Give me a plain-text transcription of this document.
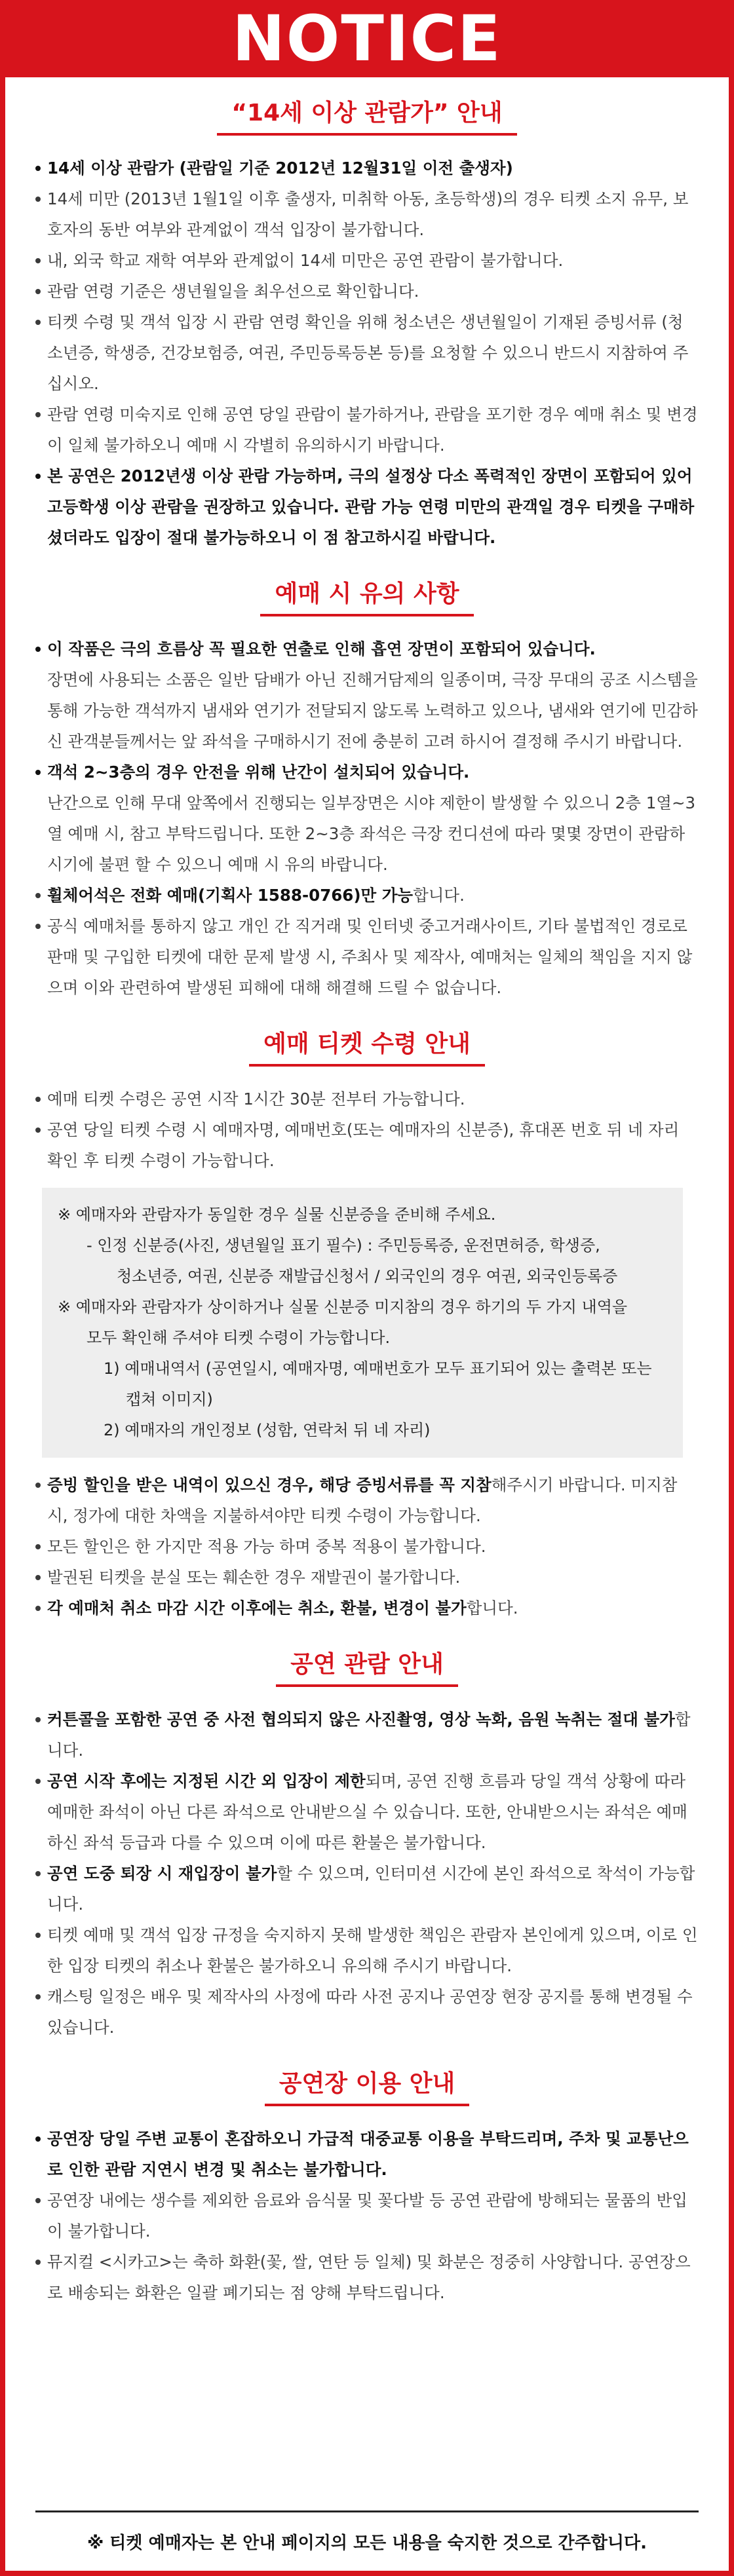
NOTICE
“14세 이상 관람가” 안내
14세 이상 관람가 (관람일 기준 2012년 12월31일 이전 출생자)
14세 미만 (2013년 1월1일 이후 출생자, 미취학 아동, 초등학생)의 경우 티켓 소지 유무, 보호자의 동반 여부와 관계없이 객석 입장이 불가합니다.
내, 외국 학교 재학 여부와 관계없이 14세 미만은 공연 관람이 불가합니다.
관람 연령 기준은 생년월일을 최우선으로 확인합니다.
티켓 수령 및 객석 입장 시 관람 연령 확인을 위해 청소년은 생년월일이 기재된 증빙서류 (청소년증, 학생증, 건강보험증, 여권, 주민등록등본 등)를 요청할 수 있으니 반드시 지참하여 주십시오.
관람 연령 미숙지로 인해 공연 당일 관람이 불가하거나, 관람을 포기한 경우 예매 취소 및 변경이 일체 불가하오니 예매 시 각별히 유의하시기 바랍니다.
본 공연은 2012년생 이상 관람 가능하며, 극의 설정상 다소 폭력적인 장면이 포함되어 있어 고등학생 이상 관람을 권장하고 있습니다. 관람 가능 연령 미만의 관객일 경우 티켓을 구매하셨더라도 입장이 절대 불가능하오니 이 점 참고하시길 바랍니다.
예매 시 유의 사항
이 작품은 극의 흐름상 꼭 필요한 연출로 인해 흡연 장면이 포함되어 있습니다.
장면에 사용되는 소품은 일반 담배가 아닌 진해거담제의 일종이며, 극장 무대의 공조 시스템을 통해 가능한 객석까지 냄새와 연기가 전달되지 않도록 노력하고 있으나, 냄새와 연기에 민감하신 관객분들께서는 앞 좌석을 구매하시기 전에 충분히 고려 하시어 결정해 주시기 바랍니다.
객석 2~3층의 경우 안전을 위해 난간이 설치되어 있습니다.
난간으로 인해 무대 앞쪽에서 진행되는 일부장면은 시야 제한이 발생할 수 있으니 2층 1열~3열 예매 시, 참고 부탁드립니다. 또한 2~3층 좌석은 극장 컨디션에 따라 몇몇 장면이 관람하시기에 불편 할 수 있으니 예매 시 유의 바랍니다.
휠체어석은 전화 예매(기획사 1588-0766)만 가능합니다.
공식 예매처를 통하지 않고 개인 간 직거래 및 인터넷 중고거래사이트, 기타 불법적인 경로로 판매 및 구입한 티켓에 대한 문제 발생 시, 주최사 및 제작사, 예매처는 일체의 책임을 지지 않으며 이와 관련하여 발생된 피해에 대해 해결해 드릴 수 없습니다.
예매 티켓 수령 안내
예매 티켓 수령은 공연 시작 1시간 30분 전부터 가능합니다.
공연 당일 티켓 수령 시 예매자명, 예매번호(또는 예매자의 신분증), 휴대폰 번호 뒤 네 자리 확인 후 티켓 수령이 가능합니다.

※ 예매자와 관람자가 동일한 경우 실물 신분증을 준비해 주세요.

- 인정 신분증(사진, 생년월일 표기 필수) : 주민등록증, 운전면허증, 학생증,

청소년증, 여권, 신분증 재발급신청서 / 외국인의 경우 여권, 외국인등록증

※ 예매자와 관람자가 상이하거나 실물 신분증 미지참의 경우 하기의 두 가지 내역을

모두 확인해 주셔야 티켓 수령이 가능합니다.

1) 예매내역서 (공연일시, 예매자명, 예매번호가 모두 표기되어 있는 출력본 또는

캡쳐 이미지)

2) 예매자의 개인정보 (성함, 연락처 뒤 네 자리)

증빙 할인을 받은 내역이 있으신 경우, 해당 증빙서류를 꼭 지참해주시기 바랍니다. 미지참 시, 정가에 대한 차액을 지불하셔야만 티켓 수령이 가능합니다.
모든 할인은 한 가지만 적용 가능 하며 중복 적용이 불가합니다.
발권된 티켓을 분실 또는 훼손한 경우 재발권이 불가합니다.
각 예매처 취소 마감 시간 이후에는 취소, 환불, 변경이 불가합니다.
공연 관람 안내
커튼콜을 포함한 공연 중 사전 협의되지 않은 사진촬영, 영상 녹화, 음원 녹취는 절대 불가합니다.
공연 시작 후에는 지정된 시간 외 입장이 제한되며, 공연 진행 흐름과 당일 객석 상황에 따라 예매한 좌석이 아닌 다른 좌석으로 안내받으실 수 있습니다. 또한, 안내받으시는 좌석은 예매하신 좌석 등급과 다를 수 있으며 이에 따른 환불은 불가합니다.
공연 도중 퇴장 시 재입장이 불가할 수 있으며, 인터미션 시간에 본인 좌석으로 착석이 가능합니다.
티켓 예매 및 객석 입장 규정을 숙지하지 못해 발생한 책임은 관람자 본인에게 있으며, 이로 인한 입장 티켓의 취소나 환불은 불가하오니 유의해 주시기 바랍니다.
캐스팅 일정은 배우 및 제작사의 사정에 따라 사전 공지나 공연장 현장 공지를 통해 변경될 수 있습니다.
공연장 이용 안내
공연장 당일 주변 교통이 혼잡하오니 가급적 대중교통 이용을 부탁드리며, 주차 및 교통난으로 인한 관람 지연시 변경 및 취소는 불가합니다.
공연장 내에는 생수를 제외한 음료와 음식물 및 꽃다발 등 공연 관람에 방해되는 물품의 반입이 불가합니다.
뮤지컬 <시카고>는 축하 화환(꽃, 쌀, 연탄 등 일체) 및 화분은 정중히 사양합니다. 공연장으로 배송되는 화환은 일괄 폐기되는 점 양해 부탁드립니다.
※ 티켓 예매자는 본 안내 페이지의 모든 내용을 숙지한 것으로 간주합니다.
